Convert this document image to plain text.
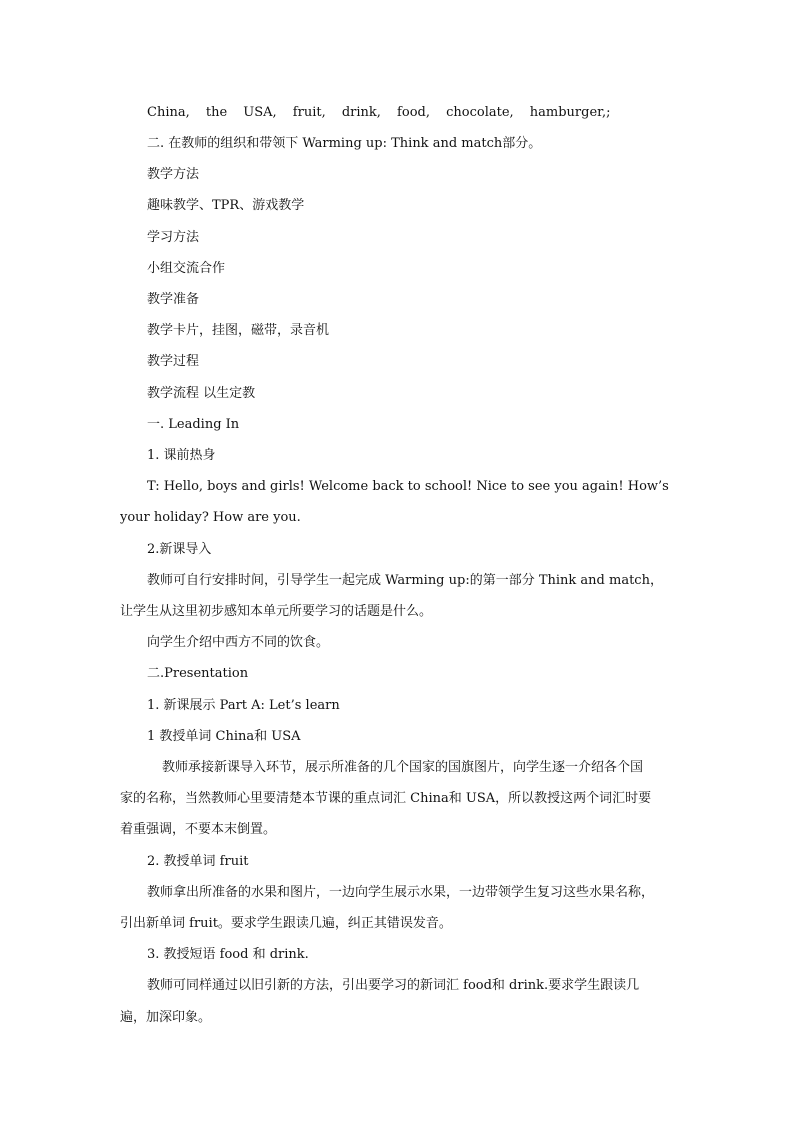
China, the USA, fruit, drink, food, chocolate, hamburger,;
二. 在教师的组织和带领下 Warming up: Think and match部分。
教学方法
趣味教学、TPR、游戏教学
学习方法
小组交流合作
教学准备
教学卡片，挂图，磁带，录音机
教学过程
教学流程 以生定教
一. Leading In
1. 课前热身
T: Hello, boys and girls! Welcome back to school! Nice to see you again! How’s
your holiday? How are you.
2.新课导入
教师可自行安排时间，引导学生一起完成 Warming up:的第一部分 Think and match，
让学生从这里初步感知本单元所要学习的话题是什么。
向学生介绍中西方不同的饮食。
二.Presentation
1. 新课展示 Part A: Let’s learn
1 教授单词 China和 USA
教师承接新课导入环节，展示所准备的几个国家的国旗图片，向学生逐一介绍各个国
家的名称，当然教师心里要清楚本节课的重点词汇 China和 USA，所以教授这两个词汇时要
着重强调，不要本末倒置。
2. 教授单词 fruit
教师拿出所准备的水果和图片，一边向学生展示水果，一边带领学生复习这些水果名称，
引出新单词 fruit。要求学生跟读几遍，纠正其错误发音。
3. 教授短语 food 和 drink.
教师可同样通过以旧引新的方法，引出要学习的新词汇 food和 drink.要求学生跟读几
遍，加深印象。
